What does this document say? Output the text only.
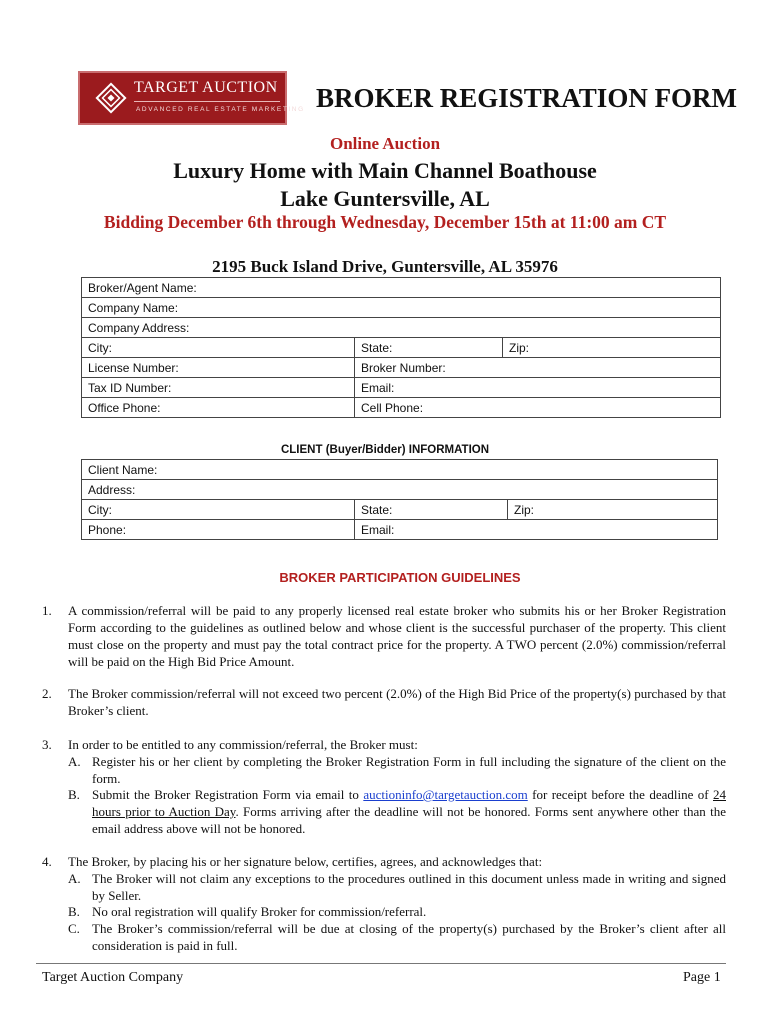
TARGET AUCTION
ADVANCED REAL ESTATE MARKETING BROKER REGISTRATION FORM
Online Auction
Luxury Home with Main Channel Boathouse
Lake Guntersville, AL
Bidding December 6th through Wednesday, December 15th at 11:00 am CT
2195 Buck Island Drive, Guntersville, AL 35976
Broker/Agent Name:		
Company Name:		
Company Address:		
City:	State:	Zip:
License Number:	Broker Number:	
Tax ID Number:	Email:	
Office Phone:	Cell Phone:	
CLIENT (Buyer/Bidder) INFORMATION
Client Name:		
Address:		
City:	State:	Zip:
Phone:	Email:	
BROKER PARTICIPATION GUIDELINES
1. A commission/referral will be paid to any properly licensed real estate broker who submits his or her Broker Registration Form according to the guidelines as outlined below and whose client is the successful purchaser of the property. This client must close on the property and must pay the total contract price for the property. A TWO percent (2.0%) commission/referral will be paid on the High Bid Price Amount.
2. The Broker commission/referral will not exceed two percent (2.0%) of the High Bid Price of the property(s) purchased by that Broker’s client.
3. In order to be entitled to any commission/referral, the Broker must:
A. Register his or her client by completing the Broker Registration Form in full including the signature of the client on the form.
B. Submit the Broker Registration Form via email to auctioninfo@targetauction.com for receipt before the deadline of 24 hours prior to Auction Day. Forms arriving after the deadline will not be honored. Forms sent anywhere other than the email address above will not be honored.
4. The Broker, by placing his or her signature below, certifies, agrees, and acknowledges that:
A. The Broker will not claim any exceptions to the procedures outlined in this document unless made in writing and signed by Seller.
B. No oral registration will qualify Broker for commission/referral.
C. The Broker’s commission/referral will be due at closing of the property(s) purchased by the Broker’s client after all consideration is paid in full.
Target Auction Company	Page 1
